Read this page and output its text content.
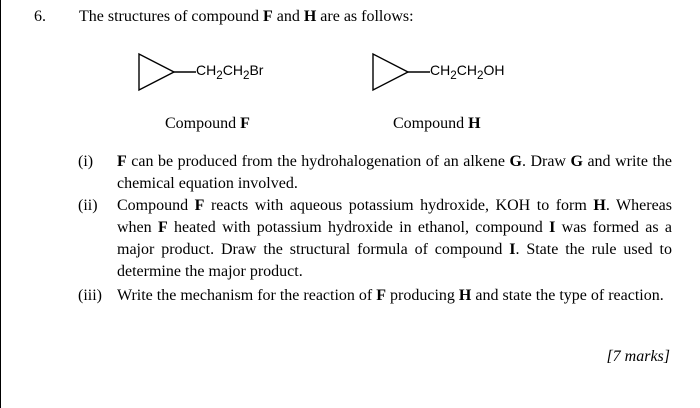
6. The structures of compound F and H are as follows:
$CH_2CH_2Br$	$CH_2CH_2OH$
Compound F	Compound H
(i)	F can be produced from the hydrohalogenation of an alkene G. Draw G and write the chemical equation involved.
(ii)	Compound F reacts with aqueous potassium hydroxide, KOH to form H. Whereas when F heated with potassium hydroxide in ethanol, compound I was formed as a major product. Draw the structural formula of compound I. State the rule used to determine the major product.
(iii) Write the mechanism for the reaction of F producing H and state the type of reaction.
[7 marks]
